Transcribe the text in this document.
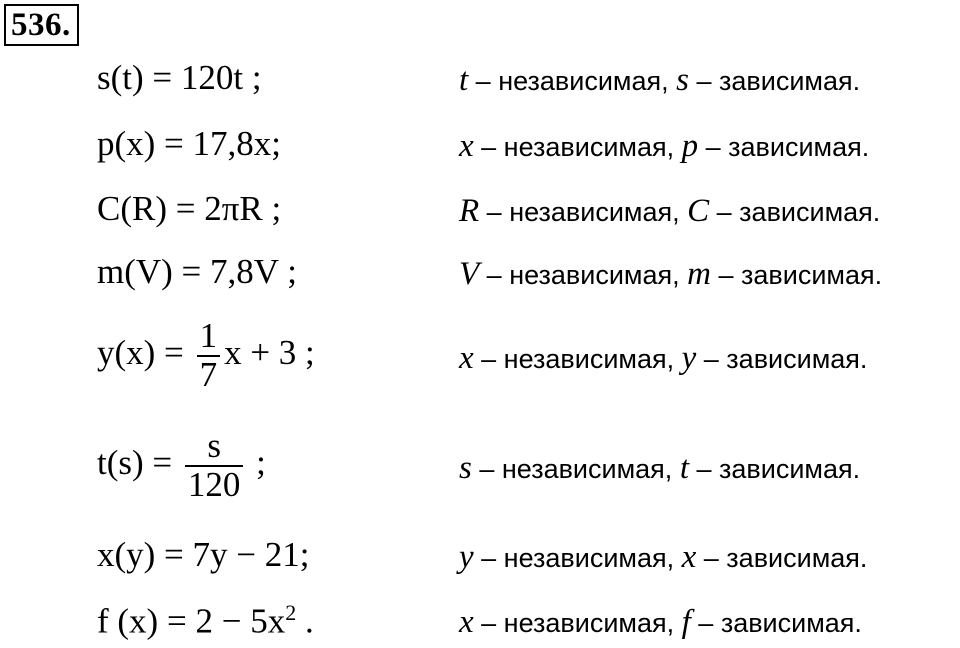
536.
s(t) = 120t ;	t – независимая, s – зависимая.
p(x) = 17,8x;	x – независимая, p – зависимая.
C(R) = 2πR ;	R – независимая, C – зависимая.
m(V) = 7,8V ;	V – независимая, m – зависимая.
$y(x) = \frac{1}{7}$ x + 3 ;	x – независимая, y – зависимая.
$t(s) = \frac{s}{120}$ ;	s – независимая, t – зависимая.
x(y) = 7y − 21;	y – независимая, x – зависимая.
f $(x) = 2 - 5x^2$ .	x – независимая, f – зависимая.
